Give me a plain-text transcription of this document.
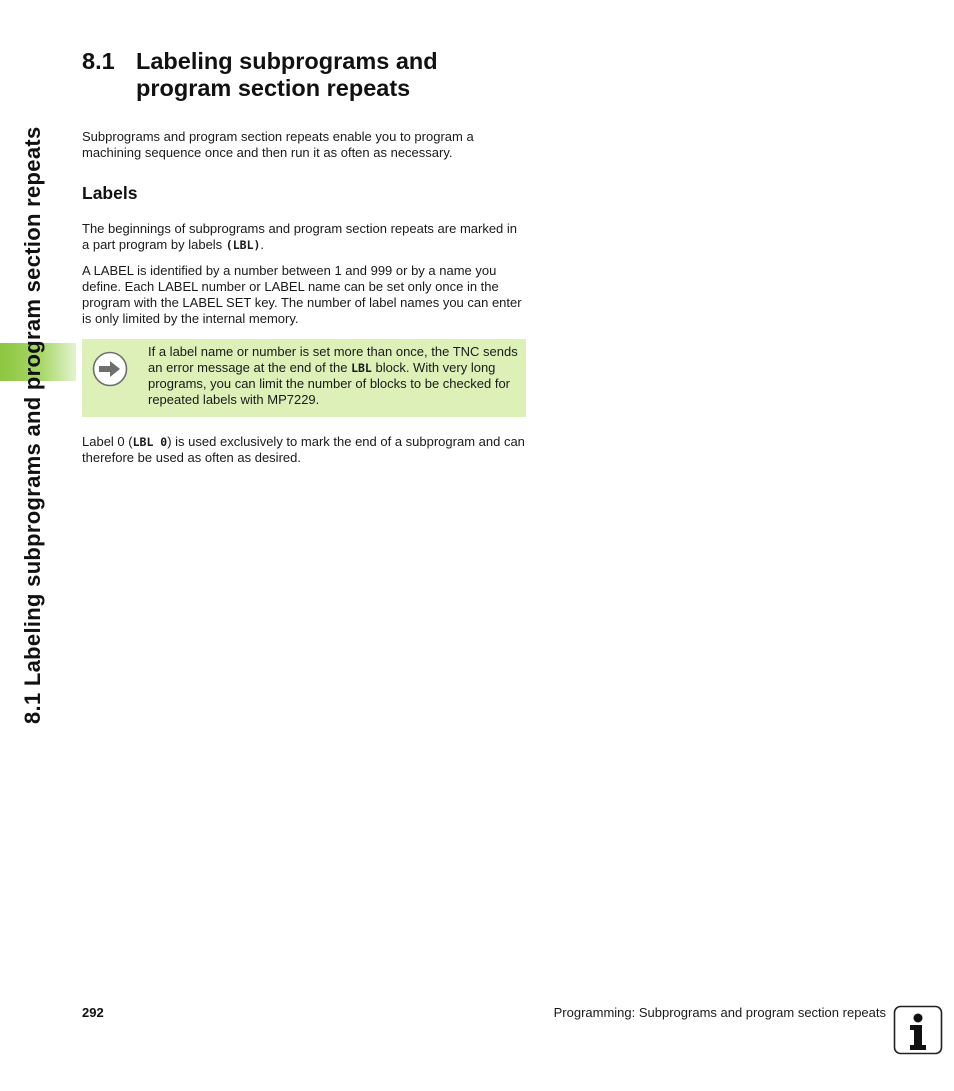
8.1 Labeling subprograms and program section repeats
8.1 Labeling subprograms and
program section repeats

Subprograms and program section repeats enable you to program a machining sequence once and then run it as often as necessary.

Labels

The beginnings of subprograms and program section repeats are marked in a part program by labels (LBL).

A LABEL is identified by a number between 1 and 999 or by a name you define. Each LABEL number or LABEL name can be set only once in the program with the LABEL SET key. The number of label names you can enter is only limited by the internal memory.

If a label name or number is set more than once, the TNC sends an error message at the end of the LBL block. With very long programs, you can limit the number of blocks to be checked for repeated labels with MP7229.

Label 0 (LBL 0) is used exclusively to mark the end of a subprogram and can therefore be used as often as desired.

292	Programming: Subprograms and program section repeats
